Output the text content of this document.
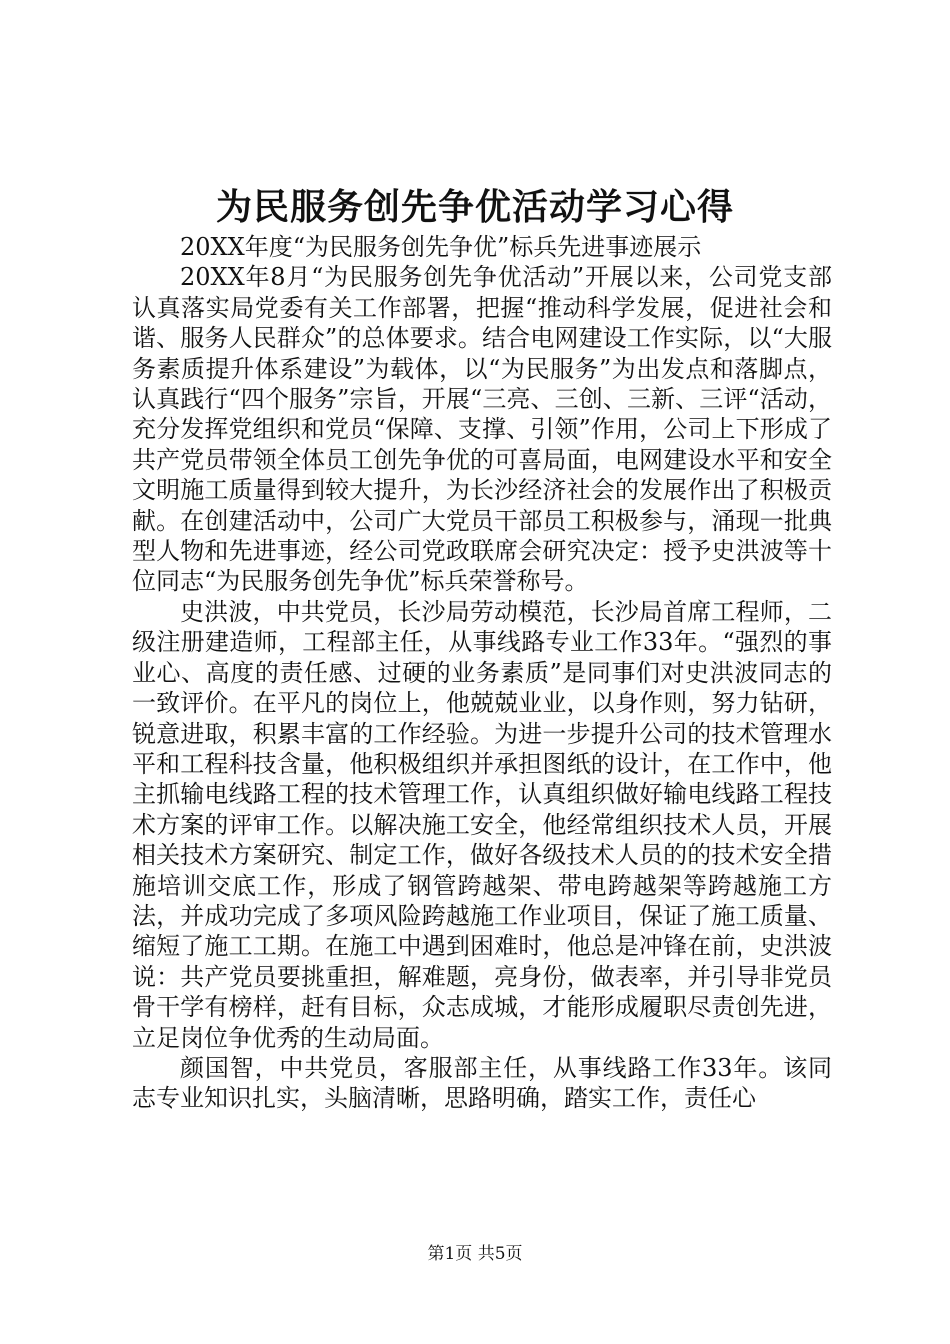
为民服务创先争优活动学习心得

20XX年度“为民服务创先争优”标兵先进事迹展示

20XX年8月“为民服务创先争优活动”开展以来，公司党支部认真落实局党委有关工作部署，把握“推动科学发展，促进社会和谐、服务人民群众”的总体要求。结合电网建设工作实际，以“大服务素质提升体系建设”为载体，以“为民服务”为出发点和落脚点，认真践行“四个服务”宗旨，开展“三亮、三创、三新、三评“活动，充分发挥党组织和党员“保障、支撑、引领”作用，公司上下形成了共产党员带领全体员工创先争优的可喜局面，电网建设水平和安全文明施工质量得到较大提升，为长沙经济社会的发展作出了积极贡献。在创建活动中，公司广大党员干部员工积极参与，涌现一批典型人物和先进事迹，经公司党政联席会研究决定：授予史洪波等十位同志“为民服务创先争优”标兵荣誉称号。

史洪波，中共党员，长沙局劳动模范，长沙局首席工程师，二级注册建造师，工程部主任，从事线路专业工作33年。“强烈的事业心、高度的责任感、过硬的业务素质”是同事们对史洪波同志的一致评价。在平凡的岗位上，他兢兢业业，以身作则，努力钻研，锐意进取，积累丰富的工作经验。为进一步提升公司的技术管理水平和工程科技含量，他积极组织并承担图纸的设计，在工作中，他主抓输电线路工程的技术管理工作，认真组织做好输电线路工程技术方案的评审工作。以解决施工安全，他经常组织技术人员，开展相关技术方案研究、制定工作，做好各级技术人员的的技术安全措施培训交底工作，形成了钢管跨越架、带电跨越架等跨越施工方法，并成功完成了多项风险跨越施工作业项目，保证了施工质量、缩短了施工工期。在施工中遇到困难时，他总是冲锋在前，史洪波说：共产党员要挑重担，解难题，亮身份，做表率，并引导非党员骨干学有榜样，赶有目标，众志成城，才能形成履职尽责创先进，立足岗位争优秀的生动局面。

颜国智，中共党员，客服部主任，从事线路工作33年。该同志专业知识扎实，头脑清晰，思路明确，踏实工作，责任心

第1页 共5页
